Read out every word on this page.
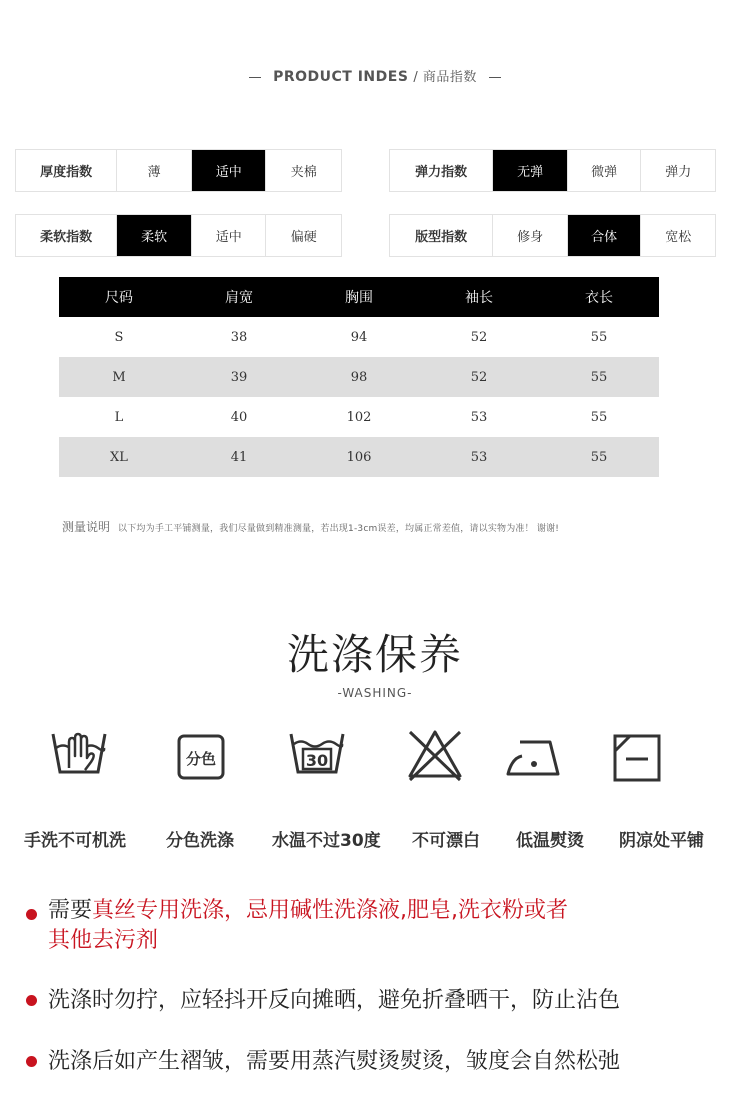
PRODUCT INDES / 商品指数
厚度指数	薄	适中	夹棉	弹力指数	无弹	微弹	弹力
柔软指数	柔软	适中	偏硬	版型指数	修身	合体	宽松
尺码	肩宽	胸围	袖长	衣长
S	38	94	52	55
M	39	98	52	55
L	40	102	53	55
XL	41	106	53	55
测量说明 以下均为手工平铺测量，我们尽量做到精准测量，若出现1-3cm误差，均属正常差值，请以实物为准！ 谢谢!
洗涤保养
-WASHING-
分色	30
手洗不可机洗 分色洗涤 水温不过30度 不可漂白 低温熨烫 阴凉处平铺
需要真丝专用洗涤，忌用碱性洗涤液,肥皂,洗衣粉或者
其他去污剂
洗涤时勿拧，应轻抖开反向摊晒，避免折叠晒干，防止沾色
洗涤后如产生褶皱，需要用蒸汽熨烫熨烫，皱度会自然松弛
